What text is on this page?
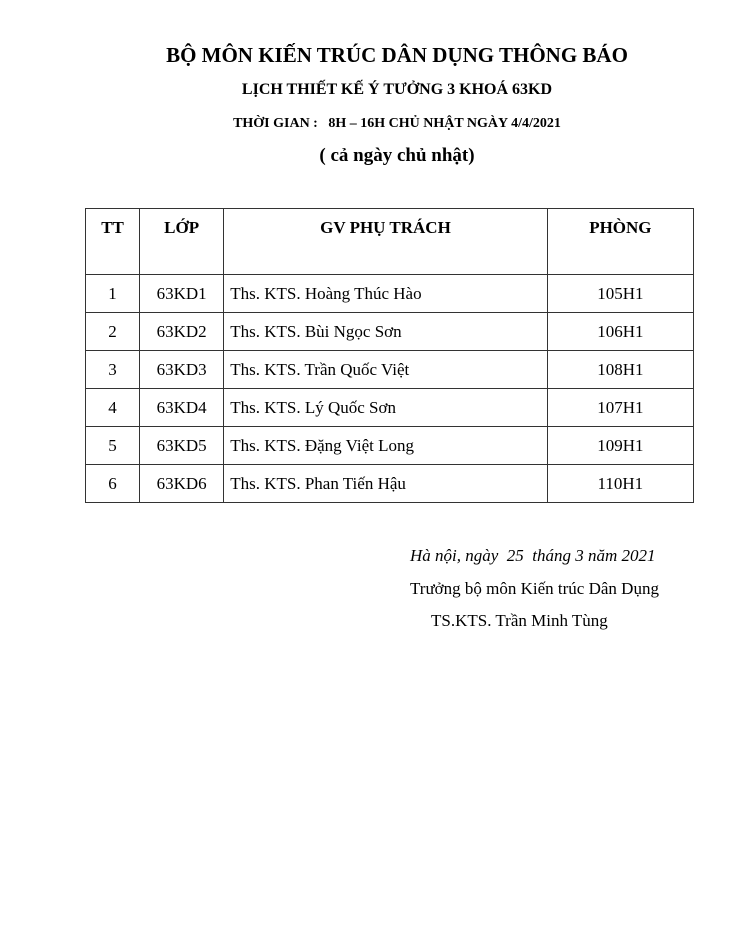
BỘ MÔN KIẾN TRÚC DÂN DỤNG THÔNG BÁO
LỊCH THIẾT KẾ Ý TƯỞNG 3 KHOÁ 63KD
THỜI GIAN :   8H – 16H CHỦ NHẬT NGÀY 4/4/2021
( cả ngày chủ nhật)
TT	LỚP	GV PHỤ TRÁCH	PHÒNG
1	63KD1	Ths. KTS. Hoàng Thúc Hào	105H1
2	63KD2	Ths. KTS. Bùi Ngọc Sơn	106H1
3	63KD3	Ths. KTS. Trần Quốc Việt	108H1
4	63KD4	Ths. KTS. Lý Quốc Sơn	107H1
5	63KD5	Ths. KTS. Đặng Việt Long	109H1
6	63KD6	Ths. KTS. Phan Tiến Hậu	110H1
Hà nội, ngày  25  tháng 3 năm 2021
Trưởng bộ môn Kiến trúc Dân Dụng
TS.KTS. Trần Minh Tùng
